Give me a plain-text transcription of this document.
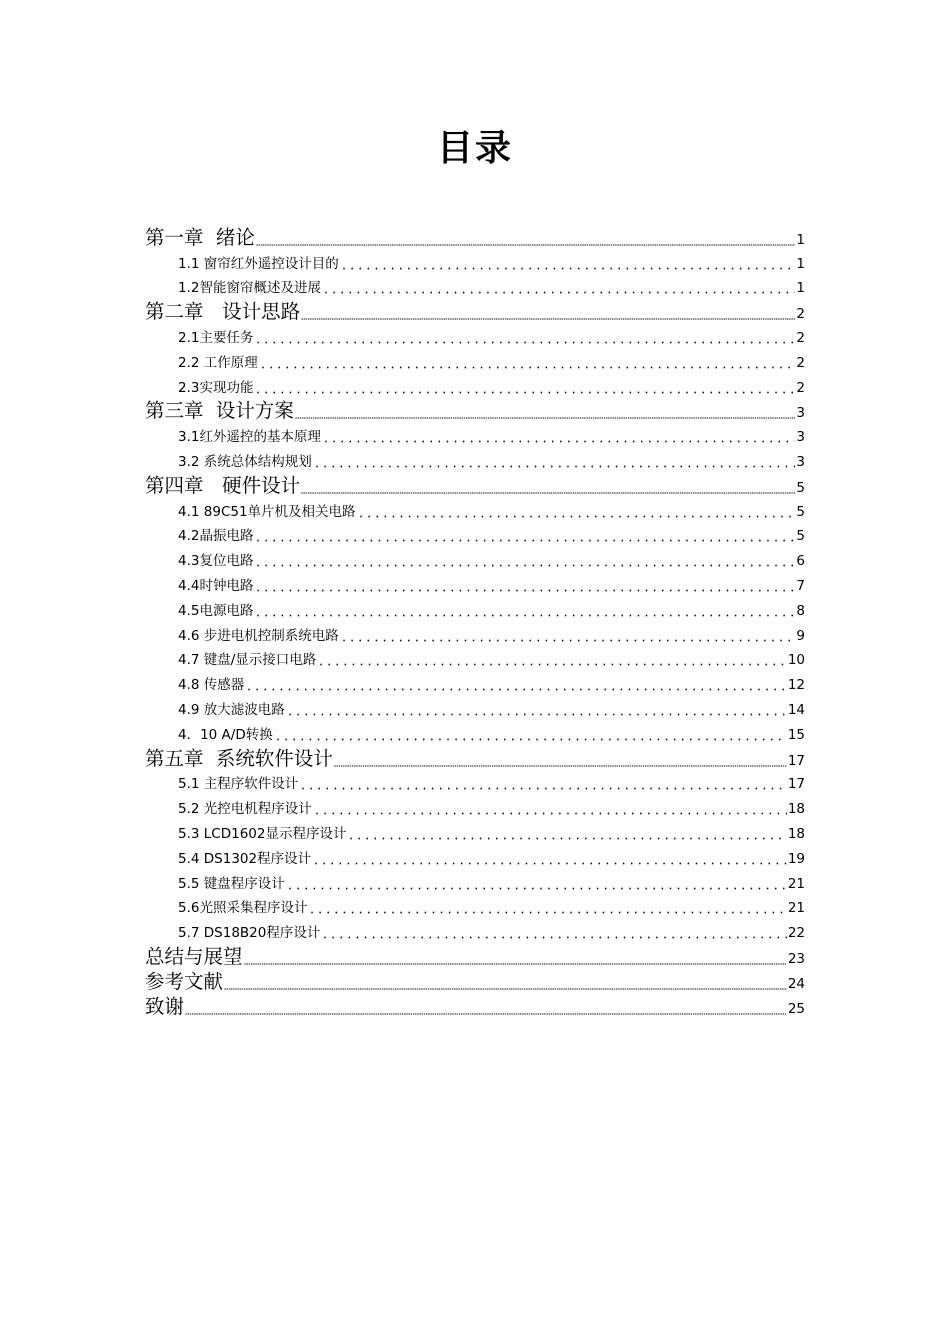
目录
第一章  绪论	1
1.1 窗帘红外遥控设计目的	1
1.2智能窗帘概述及进展	1
第二章   设计思路	2
2.1主要任务	2
2.2 工作原理	2
2.3实现功能	2
第三章  设计方案	3
3.1红外遥控的基本原理	3
3.2 系统总体结构规划	3
第四章   硬件设计	5
4.1 89C51单片机及相关电路	5
4.2晶振电路	5
4.3复位电路	6
4.4时钟电路	7
4.5电源电路	8
4.6 步进电机控制系统电路	9
4.7 键盘/显示接口电路	10
4.8 传感器	12
4.9 放大滤波电路	14
4．10 A/D转换	15
第五章  系统软件设计	17
5.1 主程序软件设计	17
5.2 光控电机程序设计	18
5.3 LCD1602显示程序设计	18
5.4 DS1302程序设计	19
5.5 键盘程序设计	21
5.6光照采集程序设计	21
5.7 DS18B20程序设计	22
总结与展望	23
参考文献	24
致谢	25
